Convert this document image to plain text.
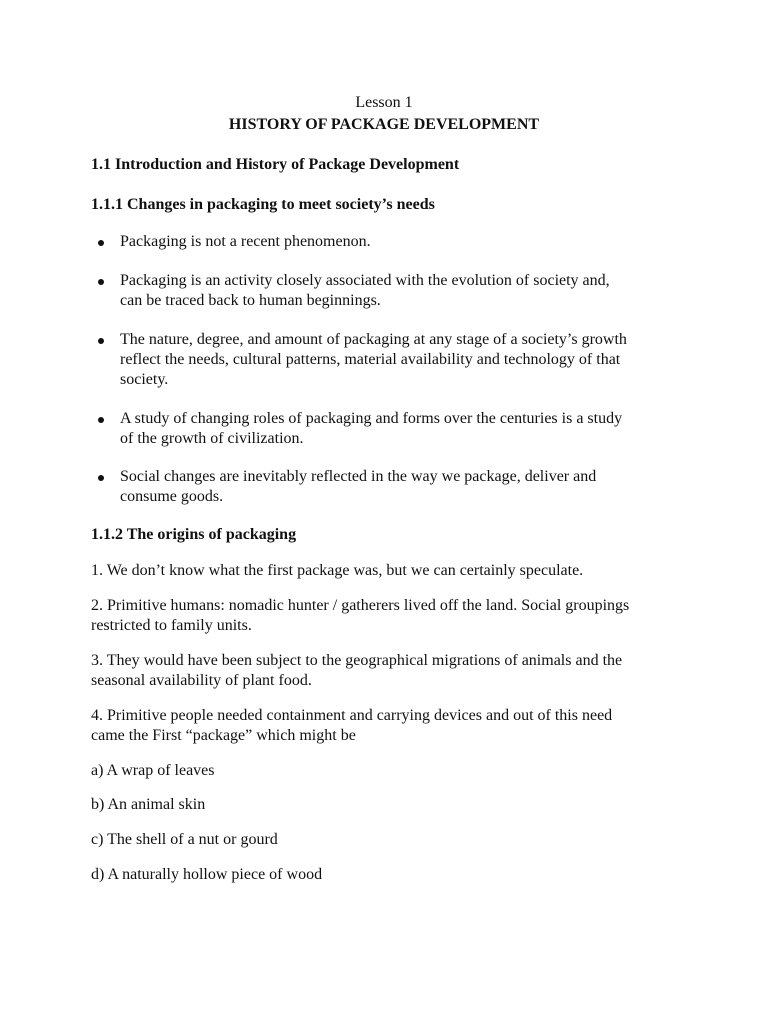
Lesson 1

HISTORY OF PACKAGE DEVELOPMENT

1.1 Introduction and History of Package Development

1.1.1 Changes in packaging to meet society’s needs

Packaging is not a recent phenomenon.
Packaging is an activity closely associated with the evolution of society and,
can be traced back to human beginnings.
The nature, degree, and amount of packaging at any stage of a society’s growth
reflect the needs, cultural patterns, material availability and technology of that
society.
A study of changing roles of packaging and forms over the centuries is a study
of the growth of civilization.
Social changes are inevitably reflected in the way we package, deliver and
consume goods.

1.1.2 The origins of packaging

1. We don’t know what the first package was, but we can certainly speculate.
2. Primitive humans: nomadic hunter / gatherers lived off the land. Social groupings
restricted to family units.
3. They would have been subject to the geographical migrations of animals and the
seasonal availability of plant food.
4. Primitive people needed containment and carrying devices and out of this need
came the First “package” which might be
a) A wrap of leaves
b) An animal skin
c) The shell of a nut or gourd
d) A naturally hollow piece of wood
